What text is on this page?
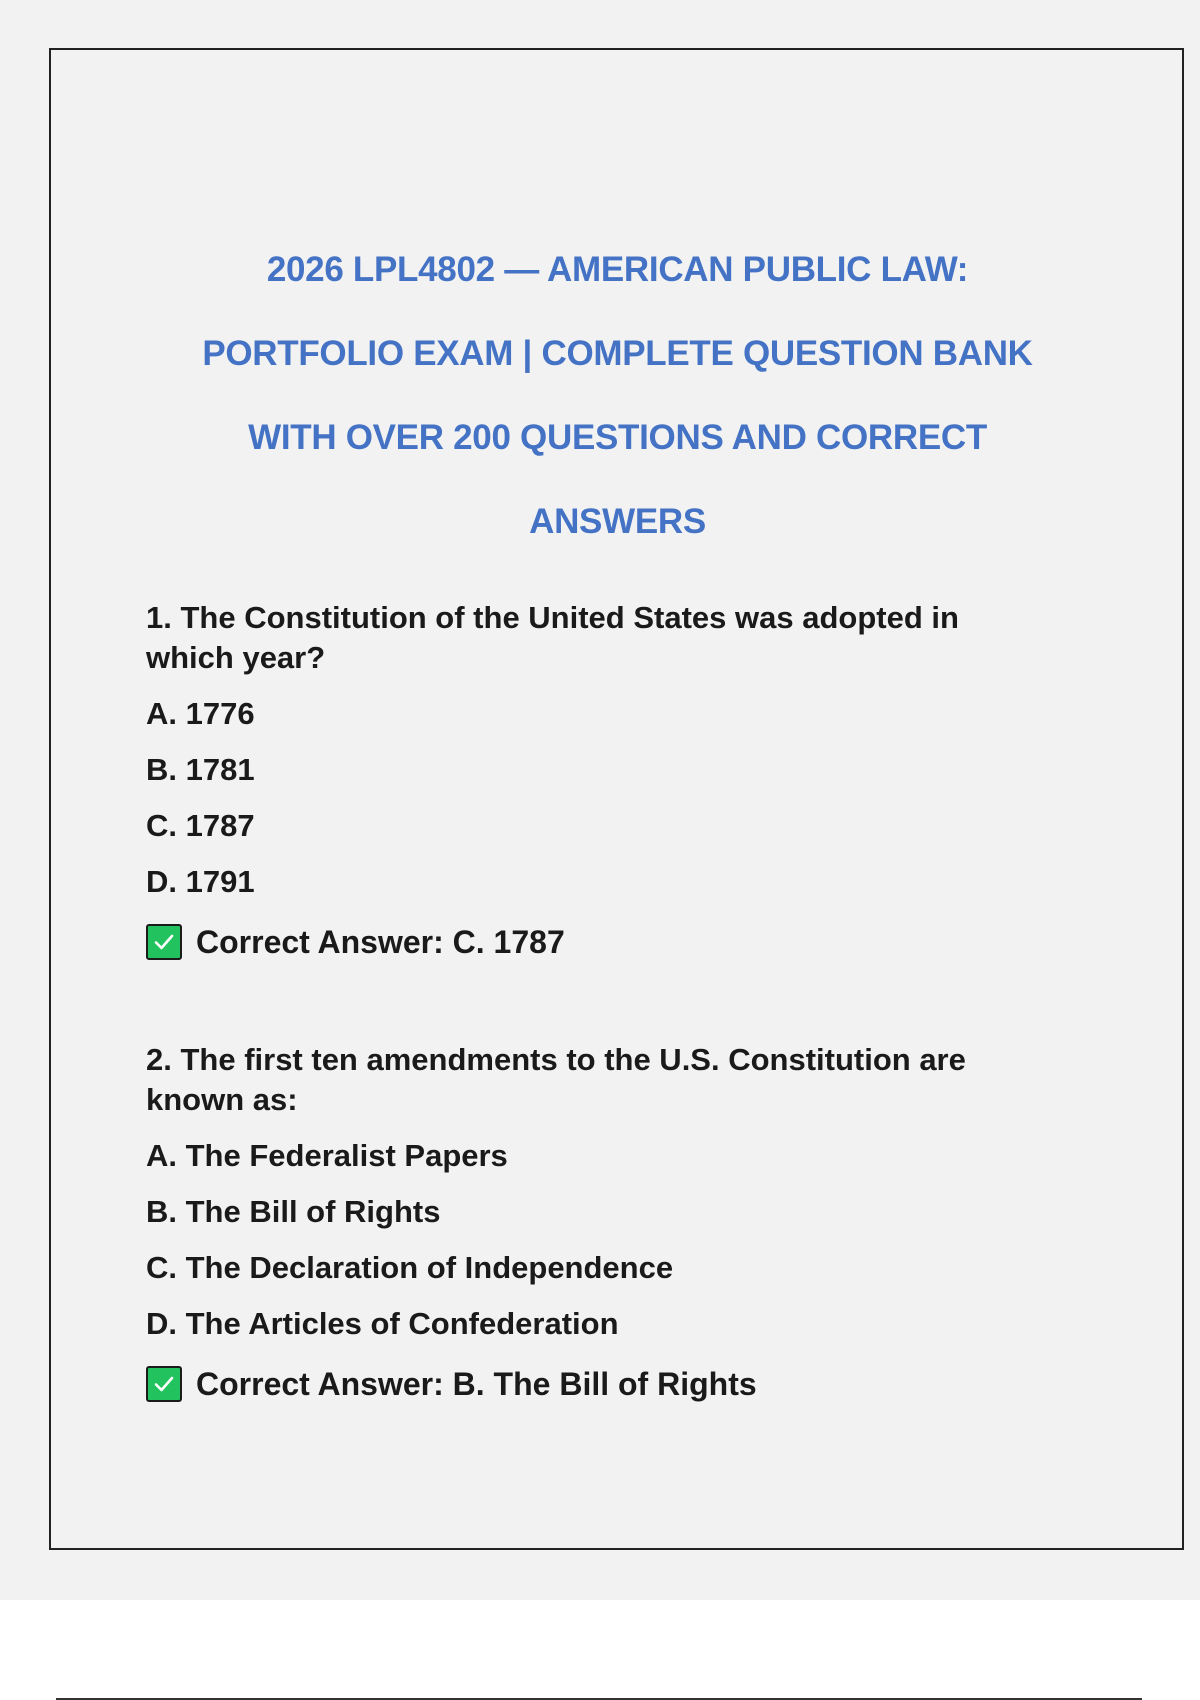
2026 LPL4802 — AMERICAN PUBLIC LAW:
PORTFOLIO EXAM | COMPLETE QUESTION BANK
WITH OVER 200 QUESTIONS AND CORRECT
ANSWERS

1. The Constitution of the United States was adopted in which year?

A. 1776
B. 1781
C. 1787
D. 1791
Correct Answer: C. 1787

2. The first ten amendments to the U.S. Constitution are known as:

A. The Federalist Papers
B. The Bill of Rights
C. The Declaration of Independence
D. The Articles of Confederation
Correct Answer: B. The Bill of Rights
